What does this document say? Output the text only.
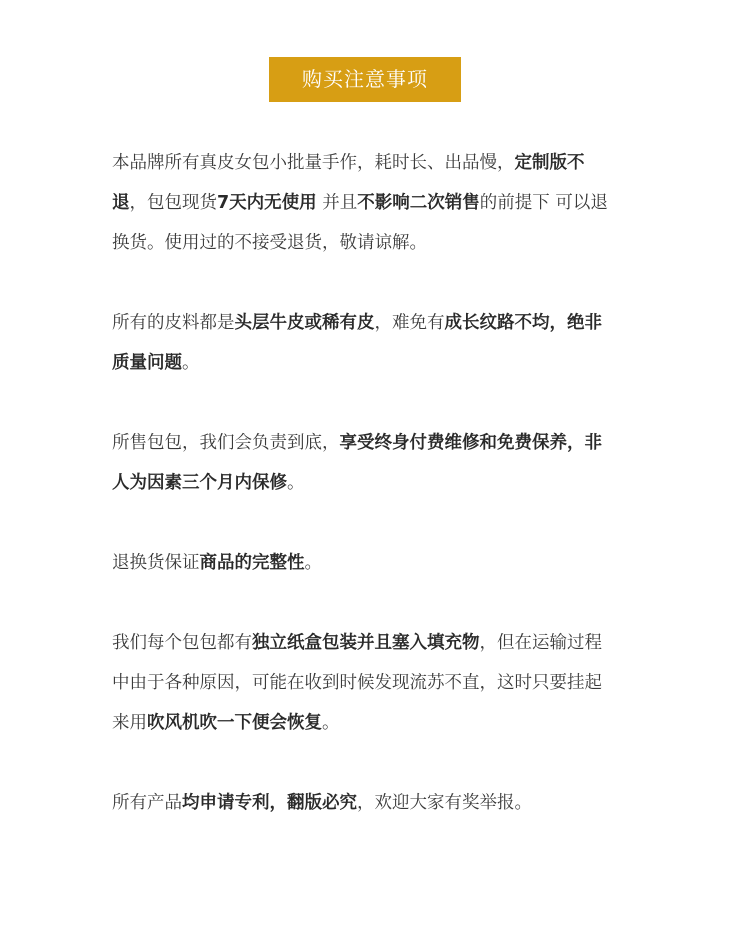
购买注意事项

本品牌所有真皮女包小批量手作，耗时长、出品慢，定制版不退，包包现货7天内无使用 并且不影响二次销售的前提下 可以退换货。使用过的不接受退货，敬请谅解。

所有的皮料都是头层牛皮或稀有皮，难免有成长纹路不均，绝非质量问题。

所售包包，我们会负责到底，享受终身付费维修和免费保养，非人为因素三个月内保修。

退换货保证商品的完整性。

我们每个包包都有独立纸盒包装并且塞入填充物，但在运输过程中由于各种原因，可能在收到时候发现流苏不直，这时只要挂起来用吹风机吹一下便会恢复。

所有产品均申请专利，翻版必究，欢迎大家有奖举报。
